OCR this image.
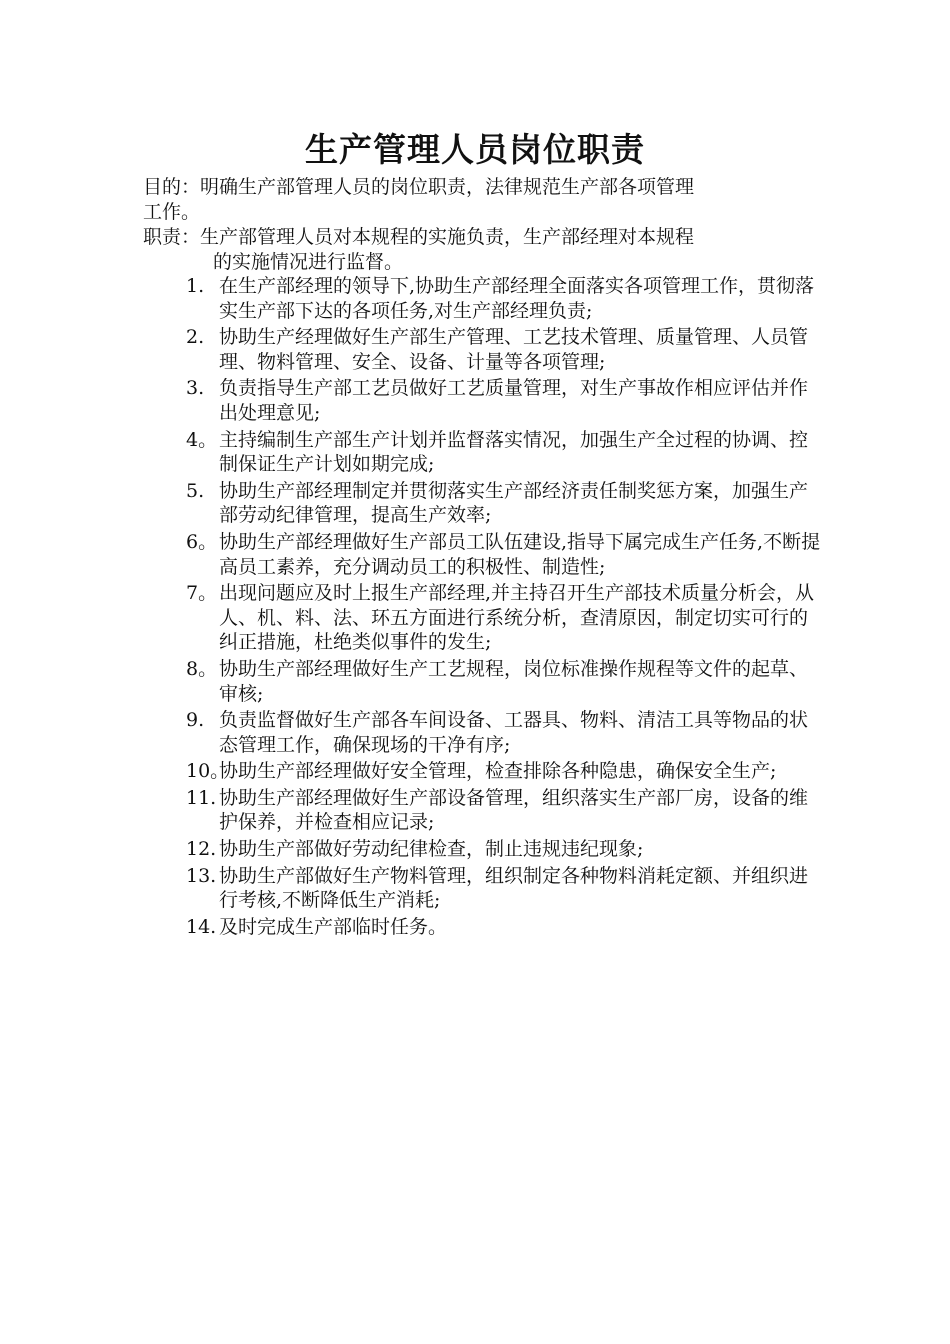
生产管理人员岗位职责
目的：明确生产部管理人员的岗位职责，法律规范生产部各项管理
工作。
职责：生产部管理人员对本规程的实施负责，生产部经理对本规程
的实施情况进行监督。
1. 在生产部经理的领导下,协助生产部经理全面落实各项管理工作，贯彻落实生产部下达的各项任务,对生产部经理负责;
2. 协助生产经理做好生产部生产管理、工艺技术管理、质量管理、人员管理、物料管理、安全、设备、计量等各项管理;
3. 负责指导生产部工艺员做好工艺质量管理，对生产事故作相应评估并作出处理意见;
4。 主持编制生产部生产计划并监督落实情况，加强生产全过程的协调、控制保证生产计划如期完成;
5. 协助生产部经理制定并贯彻落实生产部经济责任制奖惩方案，加强生产部劳动纪律管理，提高生产效率;
6。 协助生产部经理做好生产部员工队伍建设,指导下属完成生产任务,不断提高员工素养，充分调动员工的积极性、制造性;
7。 出现问题应及时上报生产部经理,并主持召开生产部技术质量分析会，从人、机、料、法、环五方面进行系统分析，查清原因，制定切实可行的纠正措施，杜绝类似事件的发生;
8。 协助生产部经理做好生产工艺规程，岗位标准操作规程等文件的起草、审核;
9. 负责监督做好生产部各车间设备、工器具、物料、清洁工具等物品的状态管理工作，确保现场的干净有序;
10。
协助生产部经理做好安全管理，检查排除各种隐患，确保安全生产;
11. 协助生产部经理做好生产部设备管理，组织落实生产部厂房，设备的维护保养，并检查相应记录;
12. 协助生产部做好劳动纪律检查，制止违规违纪现象;
13. 协助生产部做好生产物料管理，组织制定各种物料消耗定额、并组织进行考核,不断降低生产消耗;
14. 及时完成生产部临时任务。
